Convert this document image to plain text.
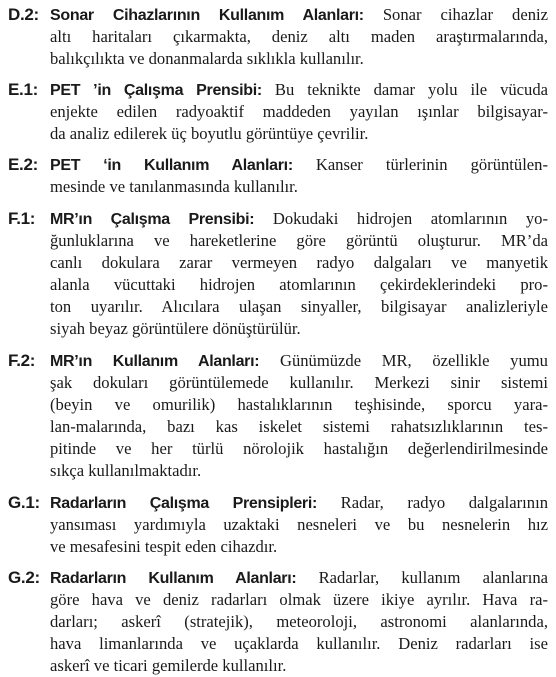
D.2: Sonar Cihazlarının Kullanım Alanları: Sonar cihazlar deniz
altı haritaları çıkarmakta, deniz altı maden araştırmalarında,
balıkçılıkta ve donanmalarda sıklıkla kullanılır.
E.1: PET ’in Çalışma Prensibi: Bu teknikte damar yolu ile vücuda
enjekte edilen radyoaktif maddeden yayılan ışınlar bilgisayar-
da analiz edilerek üç boyutlu görüntüye çevrilir.
E.2: PET ‘in Kullanım Alanları: Kanser türlerinin görüntülen-
mesinde ve tanılanmasında kullanılır.
F.1: MR’ın Çalışma Prensibi: Dokudaki hidrojen atomlarının yo-
ğunluklarına ve hareketlerine göre görüntü oluşturur. MR’da
canlı dokulara zarar vermeyen radyo dalgaları ve manyetik
alanla vücuttaki hidrojen atomlarının çekirdeklerindeki pro-
ton uyarılır. Alıcılara ulaşan sinyaller, bilgisayar analizleriyle
siyah beyaz görüntülere dönüştürülür.
F.2: MR’ın Kullanım Alanları: Günümüzde MR, özellikle yumu
şak dokuları görüntülemede kullanılır. Merkezi sinir sistemi
(beyin ve omurilik) hastalıklarının teşhisinde, sporcu yara-
lan-malarında, bazı kas iskelet sistemi rahatsızlıklarının tes-
pitinde ve her türlü nörolojik hastalığın değerlendirilmesinde
sıkça kullanılmaktadır.
G.1: Radarların Çalışma Prensipleri: Radar, radyo dalgalarının
yansıması yardımıyla uzaktaki nesneleri ve bu nesnelerin hız
ve mesafesini tespit eden cihazdır.
G.2: Radarların Kullanım Alanları: Radarlar, kullanım alanlarına
göre hava ve deniz radarları olmak üzere ikiye ayrılır. Hava ra-
darları; askerî (stratejik), meteoroloji, astronomi alanlarında,
hava limanlarında ve uçaklarda kullanılır. Deniz radarları ise
askerî ve ticari gemilerde kullanılır.
